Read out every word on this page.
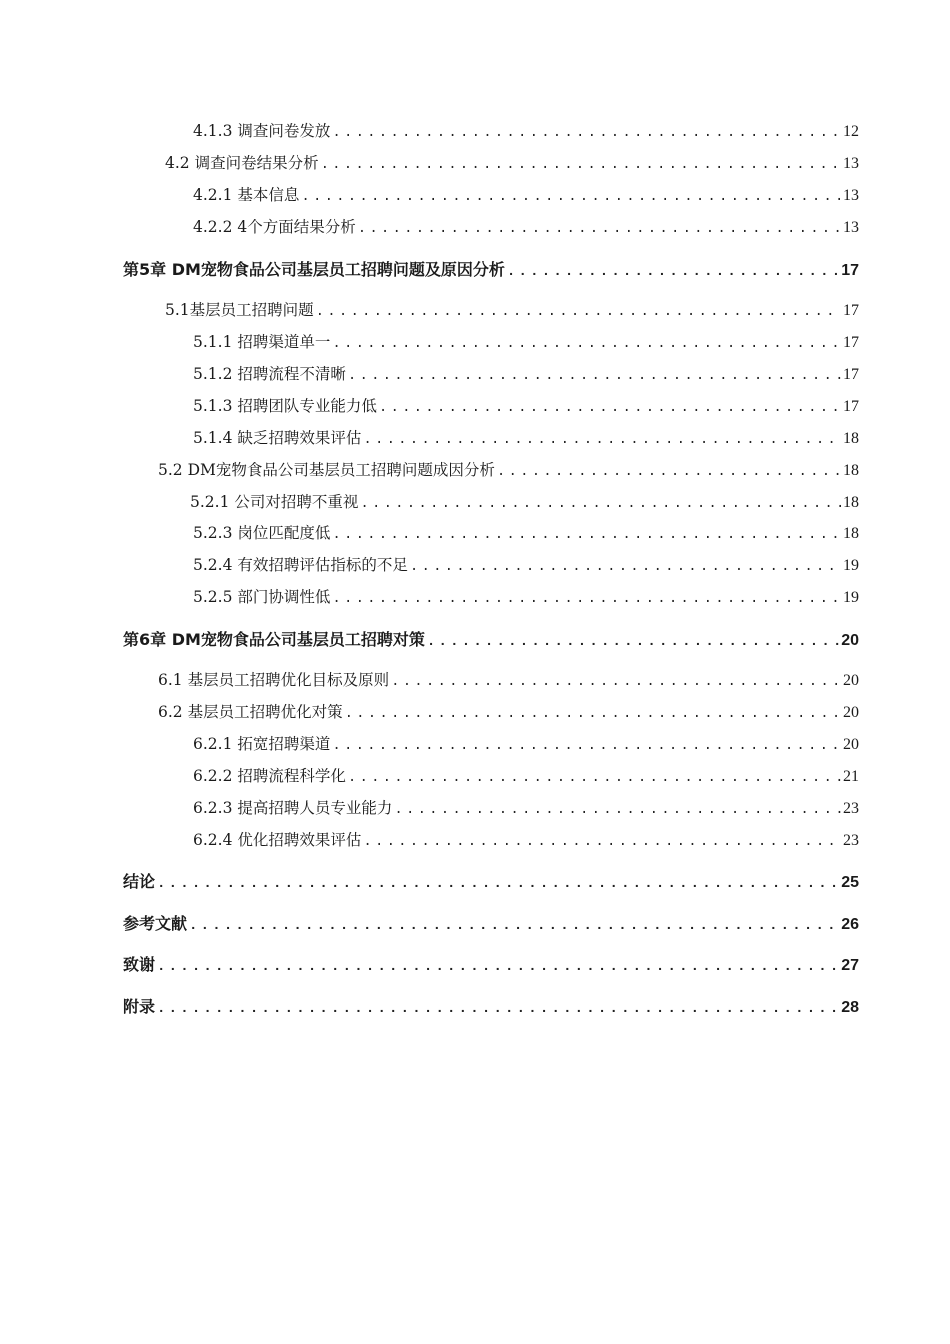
4.1.3 调查问卷发放 .....	12
4.2 调查问卷结果分析 .....	13
4.2.1 基本信息 .....	13
4.2.2 4个方面结果分析 .....	13
第5章 DM宠物食品公司基层员工招聘问题及原因分析 .....	17
5.1基层员工招聘问题 .....	17
5.1.1 招聘渠道单一 .....	17
5.1.2 招聘流程不清晰 .....	17
5.1.3 招聘团队专业能力低 .....	17
5.1.4 缺乏招聘效果评估 .....	18
5.2 DM宠物食品公司基层员工招聘问题成因分析 .....	18
5.2.1 公司对招聘不重视 .....	18
5.2.3 岗位匹配度低 .....	18
5.2.4 有效招聘评估指标的不足 .....	19
5.2.5 部门协调性低 .....	19
第6章 DM宠物食品公司基层员工招聘对策 .....	20
6.1 基层员工招聘优化目标及原则 .....	20
6.2 基层员工招聘优化对策 .....	20
6.2.1 拓宽招聘渠道 .....	20
6.2.2 招聘流程科学化 .....	21
6.2.3 提高招聘人员专业能力 .....	23
6.2.4 优化招聘效果评估 .....	23
结论 .....	25
参考文献 .....	26
致谢 .....	27
附录 .....	28
